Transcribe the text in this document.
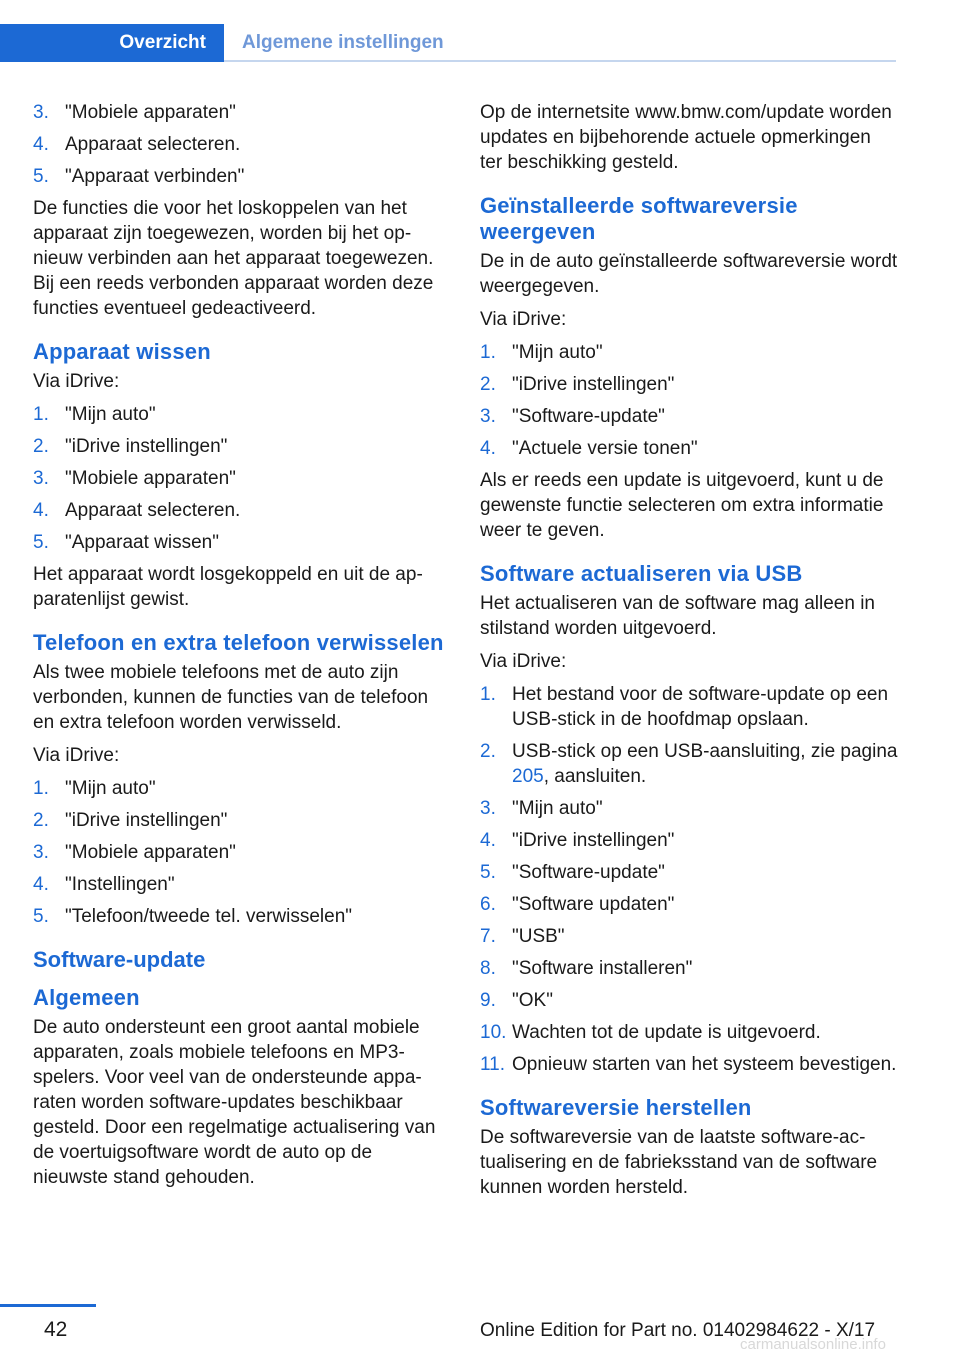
Overzicht	Algemene instellingen
3. "Mobiele apparaten"
4. Apparaat selecteren.
5. "Apparaat verbinden"

De functies die voor het loskoppelen van het apparaat zijn toegewezen, worden bij het opnieuw verbinden aan het apparaat toegewezen. Bij een reeds verbonden apparaat worden deze functies eventueel gedeactiveerd.

Apparaat wissen

Via iDrive:

1. "Mijn auto"
2. "iDrive instellingen"
3. "Mobiele apparaten"
4. Apparaat selecteren.
5. "Apparaat wissen"

Het apparaat wordt losgekoppeld en uit de apparatenlijst gewist.

Telefoon en extra telefoon verwisselen

Als twee mobiele telefoons met de auto zijn verbonden, kunnen de functies van de telefoon en extra telefoon worden verwisseld.

Via iDrive:

1. "Mijn auto"
2. "iDrive instellingen"
3. "Mobiele apparaten"
4. "Instellingen"
5. "Telefoon/tweede tel. verwisselen"
Software-update
Algemeen

De auto ondersteunt een groot aantal mobiele apparaten, zoals mobiele telefoons en MP3-spelers. Voor veel van de ondersteunde apparaten worden software-updates beschikbaar gesteld. Door een regelmatige actualisering van de voertuigsoftware wordt de auto op de nieuwste stand gehouden.

Op de internetsite www.bmw.com/update worden updates en bijbehorende actuele opmerkingen ter beschikking gesteld.

Geïnstalleerde softwareversie weergeven

De in de auto geïnstalleerde softwareversie wordt weergegeven.

Via iDrive:

1. "Mijn auto"
2. "iDrive instellingen"
3. "Software-update"
4. "Actuele versie tonen"

Als er reeds een update is uitgevoerd, kunt u de gewenste functie selecteren om extra informatie weer te geven.

Software actualiseren via USB

Het actualiseren van de software mag alleen in stilstand worden uitgevoerd.

Via iDrive:

1. Het bestand voor de software-update op een USB-stick in de hoofdmap opslaan.
2. USB-stick op een USB-aansluiting, zie pagina 205, aansluiten.
3. "Mijn auto"
4. "iDrive instellingen"
5. "Software-update"
6. "Software updaten"
7. "USB"
8. "Software installeren"
9. "OK"
10. Wachten tot de update is uitgevoerd.
11. Opnieuw starten van het systeem bevestigen.
Softwareversie herstellen

De softwareversie van de laatste software-actualisering en de fabrieksstand van de software kunnen worden hersteld.

42	Online Edition for Part no. 01402984622 - X/17
carmanualsonline.info
